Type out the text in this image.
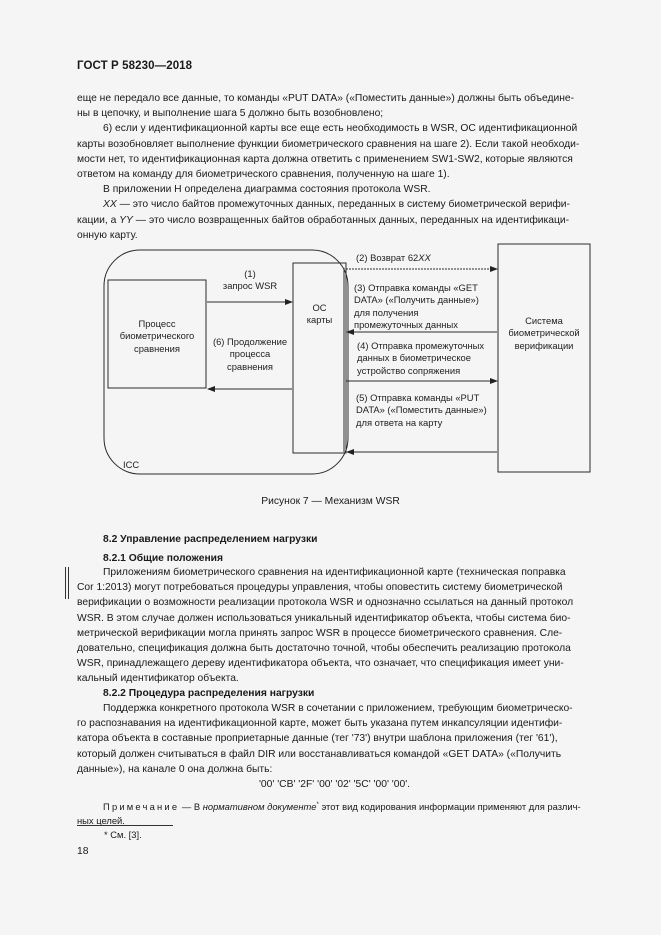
ГОСТ Р 58230—2018
еще не передало все данные, то команды «PUT DATA» («Поместить данные») должны быть объедине-
ны в цепочку, и выполнение шага 5 должно быть возобновлено;
6) если у идентификационной карты все еще есть необходимость в WSR, ОС идентификационной
карты возобновляет выполнение функции биометрического сравнения на шаге 2). Если такой необходи-
мости нет, то идентификационная карта должна ответить с применением SW1-SW2, которые являются
ответом на команду для биометрического сравнения, полученную на шаге 1).
В приложении Н определена диаграмма состояния протокола WSR.
XX — это число байтов промежуточных данных, переданных в систему биометрической верифи-
кации, а YY — это число возвращенных байтов обработанных данных, переданных на идентификаци-
онную карту.
ICC
Процесс
биометрического
сравнения
ОС
карты	Система
биометрической
верификации
(1)
запрос WSR
(6) Продолжение
процесса
сравнения
(2) Возврат 62XX
(3) Отправка команды «GET
DATA» («Получить данные»)
для получения
промежуточных данных
(4) Отправка промежуточных
данных в биометрическое
устройство сопряжения
(5) Отправка команды «PUT
DATA» («Поместить данные»)
для ответа на карту
Рисунок 7 — Механизм WSR
8.2 Управление распределением нагрузки
8.2.1 Общие положения
Приложениям биометрического сравнения на идентификационной карте (техническая поправка
Cor 1:2013) могут потребоваться процедуры управления, чтобы оповестить систему биометрической
верификации о возможности реализации протокола WSR и однозначно ссылаться на данный протокол
WSR. В этом случае должен использоваться уникальный идентификатор объекта, чтобы система био-
метрической верификации могла принять запрос WSR в процессе биометрического сравнения. Сле-
довательно, спецификация должна быть достаточно точной, чтобы обеспечить реализацию протокола
WSR, принадлежащего дереву идентификатора объекта, что означает, что спецификация имеет уни-
кальный идентификатор объекта.
8.2.2 Процедура распределения нагрузки
Поддержка конкретного протокола WSR в сочетании с приложением, требующим биометрическо-
го распознавания на идентификационной карте, может быть указана путем инкапсуляции идентифи-
катора объекта в составные проприетарные данные (тег '73') внутри шаблона приложения (тег '61'),
который должен считываться в файл DIR или восстанавливаться командой «GET DATA» («Получить
данные»), на канале 0 она должна быть:
'00' 'CB' '2F' '00' '02' '5C' '00' '00'.
Примечание — В нормативном документе* этот вид кодирования информации применяют для различ-
ных целей.
* См. [3].
18
